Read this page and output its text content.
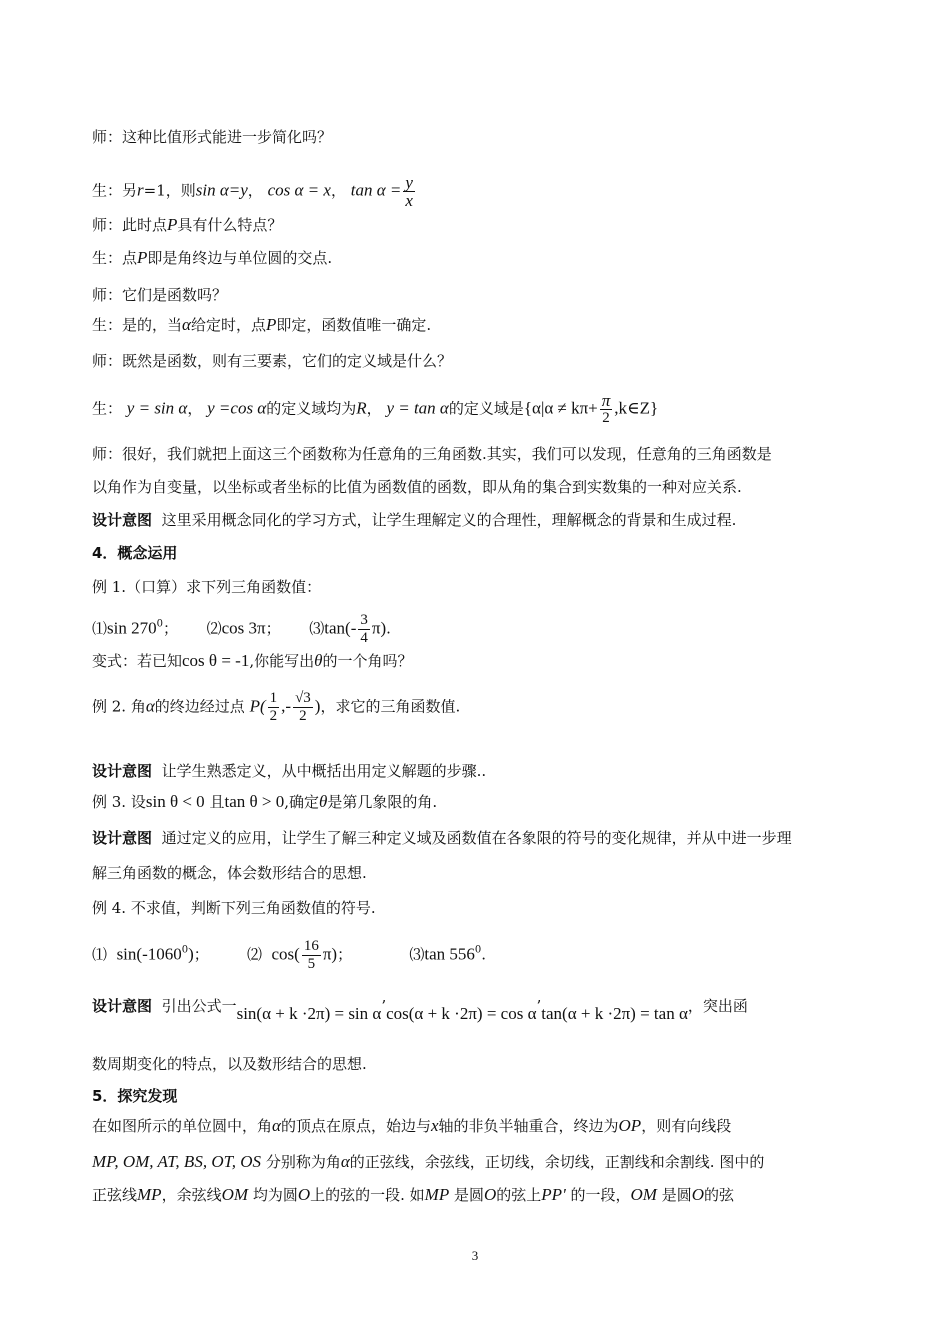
师：这种比值形式能进一步简化吗？
生：另r=1，则sin α=y， cos α = x， $\tan \alpha = \frac{y}{x}$
师：此时点P具有什么特点？
生：点P即是角终边与单位圆的交点.
师：它们是函数吗？
生：是的，当α给定时，点P即定，函数值唯一确定.
师：既然是函数，则有三要素，它们的定义域是什么？
生： y = sin α， y =cos α的定义域均为R， y = tan α的定义域是{$\alpha|\alpha \ne k\pi+ \frac{\pi}{2}$ ,k∈Z}
师：很好，我们就把上面这三个函数称为任意角的三角函数.其实，我们可以发现，任意角的三角函数是
以角作为自变量，以坐标或者坐标的比值为函数值的函数，即从角的集合到实数集的一种对应关系.
设计意图 这里采用概念同化的学习方式，让学生理解定义的合理性，理解概念的背景和生成过程.
4．概念运用
例 1.（口算）求下列三角函数值：
⑴sin $270^0$； ⑵cos 3π； ⑶tan(- $\frac{3}{4} \pi$).
变式：若已知cos θ = -1,你能写出θ的一个角吗？
例 2. 角α的终边经过点 $P( \frac{1}{2}$ ,- $\frac{√3}{2}$ )，求它的三角函数值.
设计意图 让学生熟悉定义，从中概括出用定义解题的步骤..
例 3. 设sin θ < 0 且tan θ > 0,确定θ是第几象限的角.
设计意图 通过定义的应用，让学生了解三种定义域及函数值在各象限的符号的变化规律，并从中进一步理
解三角函数的概念，体会数形结合的思想.
例 4. 不求值，判断下列三角函数值的符号.
⑴ sin(-1060$^0$)；	⑵ $\cos( \frac{16}{5} \pi)$；	⑶tan $556^0$.
设计意图 引出公式一sin(α + k ·2π) = sin α’cos(α + k ·2π) = cos α’tan(α + k ·2π) = tan α，突出函
数周期变化的特点，以及数形结合的思想.
5．探究发现
在如图所示的单位圆中，角α的顶点在原点，始边与x轴的非负半轴重合，终边为OP，则有向线段
MP, OM, AT, BS, OT, OS 分别称为角α的正弦线，余弦线，正切线，余切线，正割线和余割线. 图中的
正弦线MP，余弦线OM 均为圆O上的弦的一段. 如MP 是圆O的弦上PP' 的一段，OM 是圆O的弦
3
